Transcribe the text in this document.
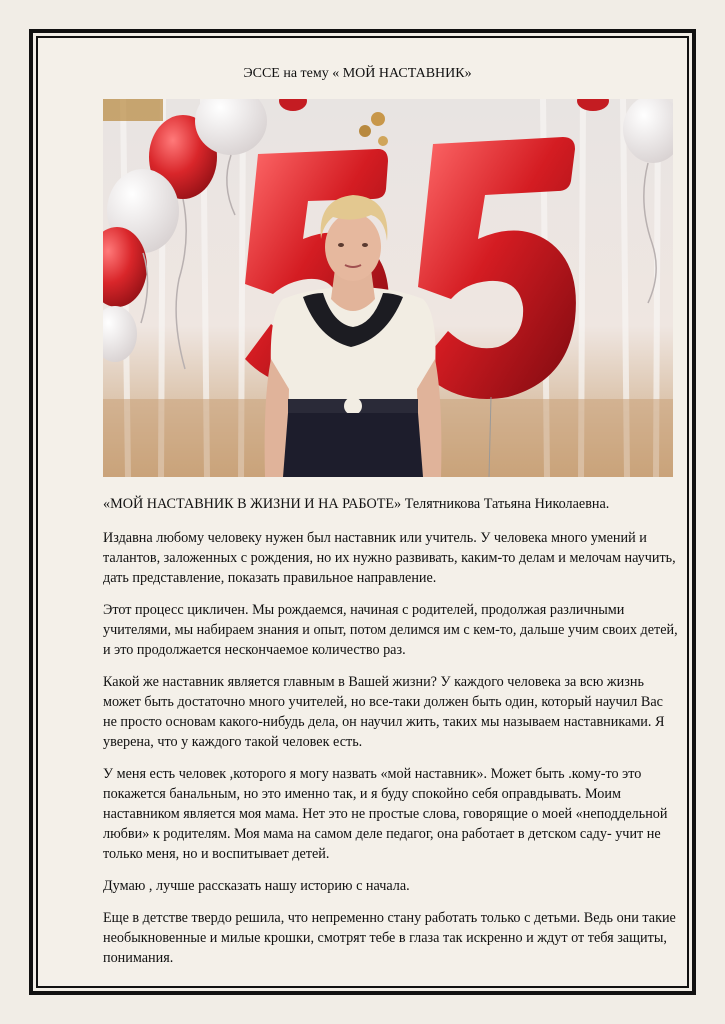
ЭССЕ на тему « МОЙ НАСТАВНИК»

«МОЙ НАСТАВНИК В ЖИЗНИ И НА РАБОТЕ» Телятникова Татьяна Николаевна.

Издавна любому человеку нужен был наставник или учитель. У человека много умений и талантов, заложенных с рождения, но их нужно развивать, каким-то делам и мелочам научить, дать представление, показать правильное направление.

Этот процесс цикличен. Мы рождаемся, начиная с родителей, продолжая различными учителями, мы набираем знания и опыт, потом делимся им с кем-то, дальше учим своих детей, и это продолжается нескончаемое количество раз.

Какой же наставник является главным в Вашей жизни? У каждого человека за всю жизнь может быть достаточно много учителей, но все-таки должен быть один, который научил Вас не просто основам какого-нибудь дела, он научил жить, таких мы называем наставниками. Я уверена, что у каждого такой человек есть.

У меня есть человек ,которого я могу назвать «мой наставник». Может быть .кому-то это покажется банальным, но это именно так, и я буду спокойно себя оправдывать. Моим наставником является моя мама. Нет это не простые слова, говорящие о моей «неподдельной любви» к родителям. Моя мама на самом деле педагог, она работает в детском саду- учит не только меня, но и воспитывает детей.

Думаю , лучше рассказать нашу историю с начала.

Еще в детстве твердо решила, что непременно стану работать только с детьми. Ведь они такие необыкновенные и милые крошки, смотрят тебе в глаза так искренно и ждут от тебя защиты, понимания.
